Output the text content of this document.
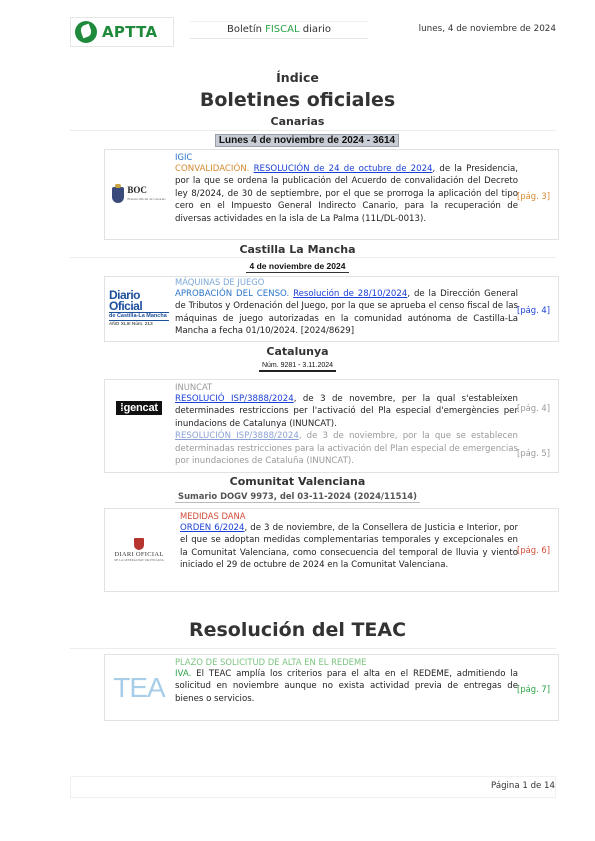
APTTA	Boletín FISCAL diario	lunes, 4 de noviembre de 2024
Índice
Boletines oficiales
Canarias
Lunes 4 de noviembre de 2024 - 3614
BOC
Boletín Oficial de Canarias
IGIC
CONVALIDACIÓN. RESOLUCIÓN de 24 de octubre de 2024, de la Presidencia, por la que se ordena la publicación del Acuerdo de convalidación del Decreto ley 8/2024, de 30 de septiembre, por el que se prorroga la aplicación del tipo cero en el Impuesto General Indirecto Canario, para la recuperación de diversas actividades en la isla de La Palma (11L/DL-0013).
[pág. 3]
Castilla La Mancha
4 de noviembre de 2024
Diario Oficial
de Castilla-La Mancha
AÑO XLIII Núm. 213
MÁQUINAS DE JUEGO
APROBACIÓN DEL CENSO. Resolución de 28/10/2024, de la Dirección General de Tributos y Ordenación del Juego, por la que se aprueba el censo fiscal de las máquinas de juego autorizadas en la comunidad autónoma de Castilla-La Mancha a fecha 01/10/2024. [2024/8629]
[pág. 4]
Catalunya
Núm. 9281 - 3.11.2024
⁞gencat
INUNCAT
RESOLUCIÓ ISP/3888/2024, de 3 de novembre, per la qual s'estableixen determinades restriccions per l'activació del Pla especial d'emergències per inundacions de Catalunya (INUNCAT).
RESOLUCIÓN ISP/3888/2024, de 3 de noviembre, por la que se establecen determinadas restricciones para la activación del Plan especial de emergencias por inundaciones de Cataluña (INUNCAT).
[pág. 4]
[pág. 5]
Comunitat Valenciana
Sumario DOGV 9973, del 03-11-2024 (2024/11514)
DIARI OFICIAL
DE LA GENERALITAT VALENCIANA
MEDIDAS DANA
ORDEN 6/2024, de 3 de noviembre, de la Consellera de Justicia e Interior, por el que se adoptan medidas complementarias temporales y excepcionales en la Comunitat Valenciana, como consecuencia del temporal de lluvia y viento iniciado el 29 de octubre de 2024 en la Comunitat Valenciana.
[pág. 6]
Resolución del TEAC
TEA
PLAZO DE SOLICITUD DE ALTA EN EL REDEME
IVA. El TEAC amplía los criterios para el alta en el REDEME, admitiendo la solicitud en noviembre aunque no exista actividad previa de entregas de bienes o servicios.
[pág. 7]
Página 1 de 14
